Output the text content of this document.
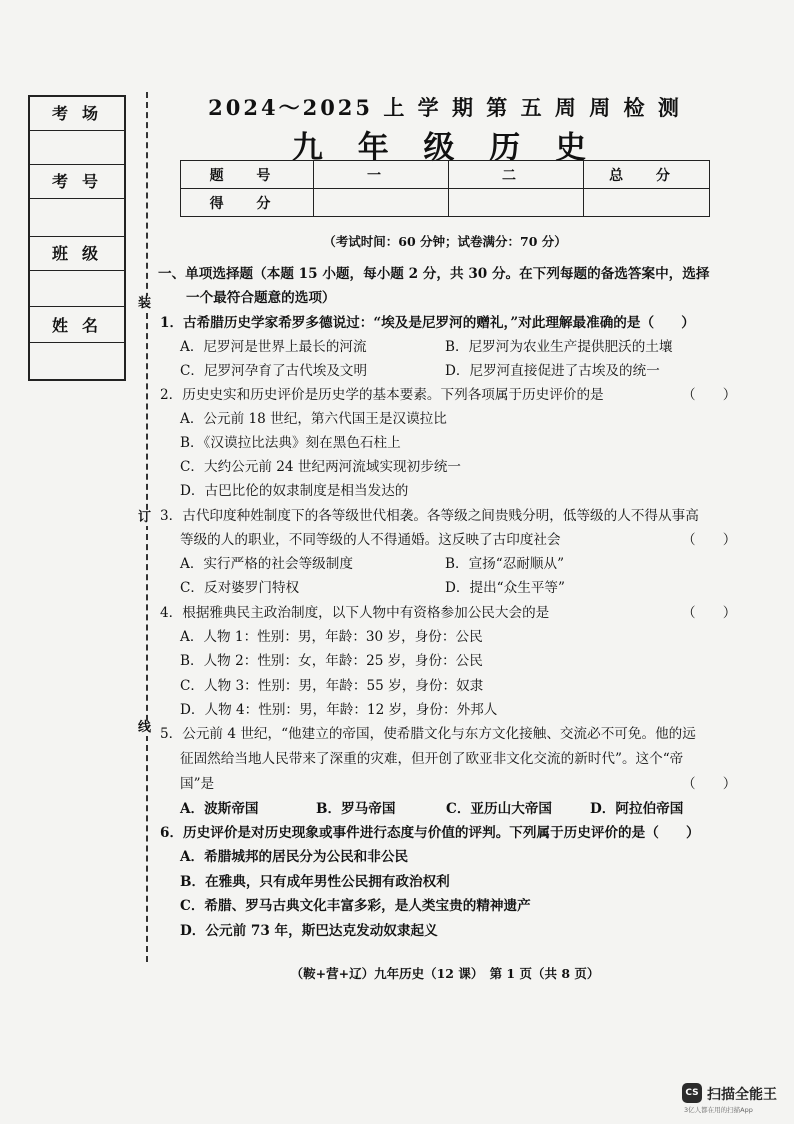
考场
考号
班级
姓名
装
订
线
2024～2025 上 学 期 第 五 周 周 检 测
九 年 级 历 史
题 号	一	二	总 分
得 分			
（考试时间：60 分钟；试卷满分：70 分）
一、单项选择题（本题 15 小题，每小题 2 分，共 30 分。在下列每题的备选答案中，选择
一个最符合题意的选项）
1．古希腊历史学家希罗多德说过：“埃及是尼罗河的赠礼，”对此理解最准确的是（　　）
A．尼罗河是世界上最长的河流	B．尼罗河为农业生产提供肥沃的土壤
C．尼罗河孕育了古代埃及文明	D．尼罗河直接促进了古埃及的统一
2．历史史实和历史评价是历史学的基本要素。下列各项属于历史评价的是	（　　）
A．公元前 18 世纪，第六代国王是汉谟拉比
B．《汉谟拉比法典》刻在黑色石柱上
C．大约公元前 24 世纪两河流域实现初步统一
D．古巴比伦的奴隶制度是相当发达的
3．古代印度种姓制度下的各等级世代相袭。各等级之间贵贱分明，低等级的人不得从事高
等级的人的职业，不同等级的人不得通婚。这反映了古印度社会	（　　）
A．实行严格的社会等级制度	B．宣扬“忍耐顺从”
C．反对婆罗门特权	D．提出“众生平等”
4．根据雅典民主政治制度，以下人物中有资格参加公民大会的是	（　　）
A．人物 1：性别：男，年龄：30 岁，身份：公民
B．人物 2：性别：女，年龄：25 岁，身份：公民
C．人物 3：性别：男，年龄：55 岁，身份：奴隶
D．人物 4：性别：男，年龄：12 岁，身份：外邦人
5．公元前 4 世纪，“他建立的帝国，使希腊文化与东方文化接触、交流必不可免。他的远
征固然给当地人民带来了深重的灾难，但开创了欧亚非文化交流的新时代”。这个“帝
国”是	（　　）
A．波斯帝国	B．罗马帝国	C．亚历山大帝国	D．阿拉伯帝国
6．历史评价是对历史现象或事件进行态度与价值的评判。下列属于历史评价的是（　　）
A．希腊城邦的居民分为公民和非公民
B．在雅典，只有成年男性公民拥有政治权利
C．希腊、罗马古典文化丰富多彩，是人类宝贵的精神遗产
D．公元前 73 年，斯巴达克发动奴隶起义
（鞍+营+辽）九年历史（12 课）　第 1 页（共 8 页）
CS 扫描全能王
3亿人都在用的扫描App
